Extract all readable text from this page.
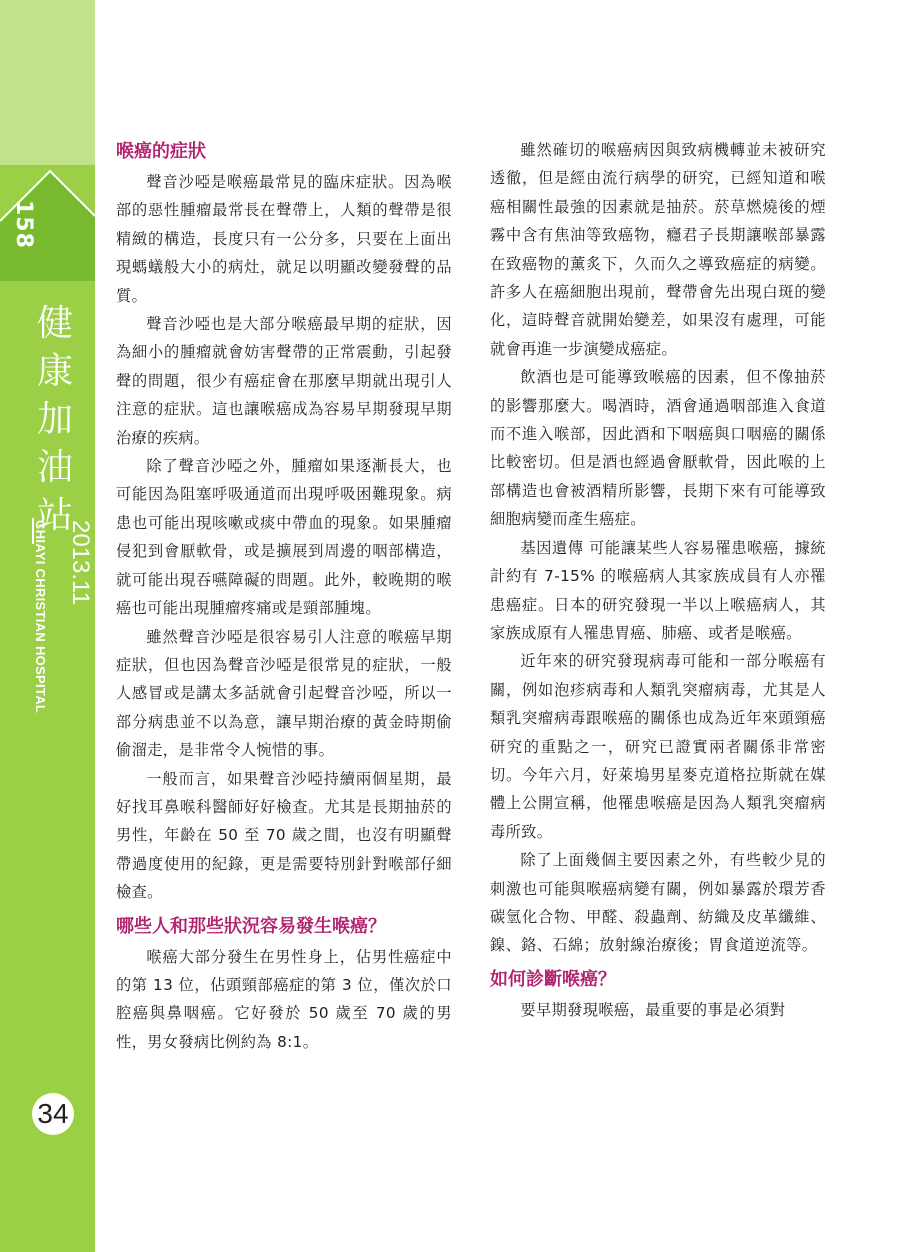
158
健
康
加
油
站
2013.11
CHIAYI CHRISTIAN HOSPITAL
34
喉癌的症狀

聲音沙啞是喉癌最常見的臨床症狀。因為喉部的惡性腫瘤最常長在聲帶上，人類的聲帶是很精緻的構造，長度只有一公分多，只要在上面出現螞蟻般大小的病灶，就足以明顯改變發聲的品質。

聲音沙啞也是大部分喉癌最早期的症狀，因為細小的腫瘤就會妨害聲帶的正常震動，引起發聲的問題，很少有癌症會在那麼早期就出現引人注意的症狀。這也讓喉癌成為容易早期發現早期治療的疾病。

除了聲音沙啞之外，腫瘤如果逐漸長大，也可能因為阻塞呼吸通道而出現呼吸困難現象。病患也可能出現咳嗽或痰中帶血的現象。如果腫瘤侵犯到會厭軟骨，或是擴展到周邊的咽部構造，就可能出現吞嚥障礙的問題。此外，較晚期的喉癌也可能出現腫瘤疼痛或是頸部腫塊。

雖然聲音沙啞是很容易引人注意的喉癌早期症狀，但也因為聲音沙啞是很常見的症狀，一般人感冒或是講太多話就會引起聲音沙啞，所以一部分病患並不以為意，讓早期治療的黃金時期偷偷溜走，是非常令人惋惜的事。

一般而言，如果聲音沙啞持續兩個星期，最好找耳鼻喉科醫師好好檢查。尤其是長期抽菸的男性，年齡在 50 至 70 歲之間，也沒有明顯聲帶過度使用的紀錄，更是需要特別針對喉部仔細檢查。

哪些人和那些狀況容易發生喉癌？

喉癌大部分發生在男性身上，佔男性癌症中的第 13 位，佔頭頸部癌症的第 3 位，僅次於口腔癌與鼻咽癌。它好發於 50 歲至 70 歲的男性，男女發病比例約為 8:1。

雖然確切的喉癌病因與致病機轉並未被研究透徹，但是經由流行病學的研究，已經知道和喉癌相關性最強的因素就是抽菸。菸草燃燒後的煙霧中含有焦油等致癌物，癮君子長期讓喉部暴露在致癌物的薰炙下，久而久之導致癌症的病變。許多人在癌細胞出現前，聲帶會先出現白斑的變化，這時聲音就開始變差，如果沒有處理，可能就會再進一步演變成癌症。

飲酒也是可能導致喉癌的因素，但不像抽菸的影響那麼大。喝酒時，酒會通過咽部進入食道而不進入喉部，因此酒和下咽癌與口咽癌的關係比較密切。但是酒也經過會厭軟骨，因此喉的上部構造也會被酒精所影響，長期下來有可能導致細胞病變而產生癌症。

基因遺傳 可能讓某些人容易罹患喉癌，據統計約有 7-15% 的喉癌病人其家族成員有人亦罹患癌症。日本的研究發現一半以上喉癌病人，其家族成原有人罹患胃癌、肺癌、或者是喉癌。

近年來的研究發現病毒可能和一部分喉癌有關，例如泡疹病毒和人類乳突瘤病毒，尤其是人類乳突瘤病毒跟喉癌的關係也成為近年來頭頸癌研究的重點之一，研究已證實兩者關係非常密切。今年六月，好萊塢男星麥克道格拉斯就在媒體上公開宣稱，他罹患喉癌是因為人類乳突瘤病毒所致。

除了上面幾個主要因素之外，有些較少見的刺激也可能與喉癌病變有關，例如暴露於環芳香碳氫化合物、甲醛、殺蟲劑、紡織及皮革纖維、鎳、鉻、石綿；放射線治療後；胃食道逆流等。

如何診斷喉癌？

要早期發現喉癌，最重要的事是必須對
